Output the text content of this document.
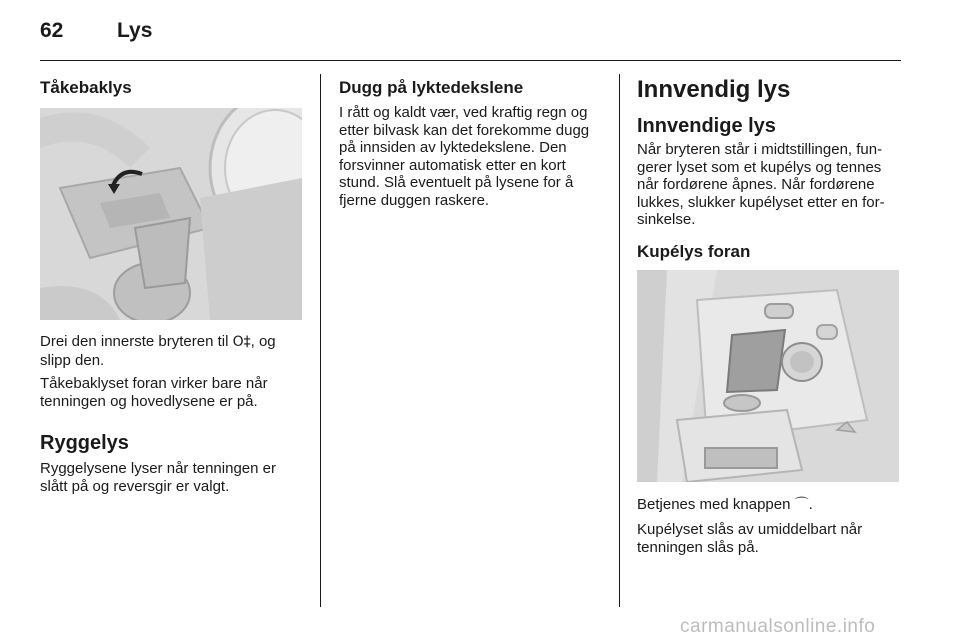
62	Lys
Tåkebaklys

Drei den innerste bryteren til O‡, og slipp den.

Tåkebaklyset foran virker bare når tenningen og hovedlysene er på.

Ryggelys

Ryggelysene lyser når tenningen er slått på og reversgir er valgt.

Dugg på lyktedekslene

I rått og kaldt vær, ved kraftig regn og etter bilvask kan det forekomme dugg på innsiden av lyktedekslene. Den forsvinner automatisk etter en kort stund. Slå eventuelt på lysene for å fjerne duggen raskere.

Innvendig lys
Innvendige lys

Når bryteren står i midtstillingen, fun-gerer lyset som et kupélys og tennes når fordørene åpnes. Når fordørene lukkes, slukker kupélyset etter en for-sinkelse.

Kupélys foran

Betjenes med knappen ⌒.

Kupélyset slås av umiddelbart når tenningen slås på.

carmanualsonline.info
